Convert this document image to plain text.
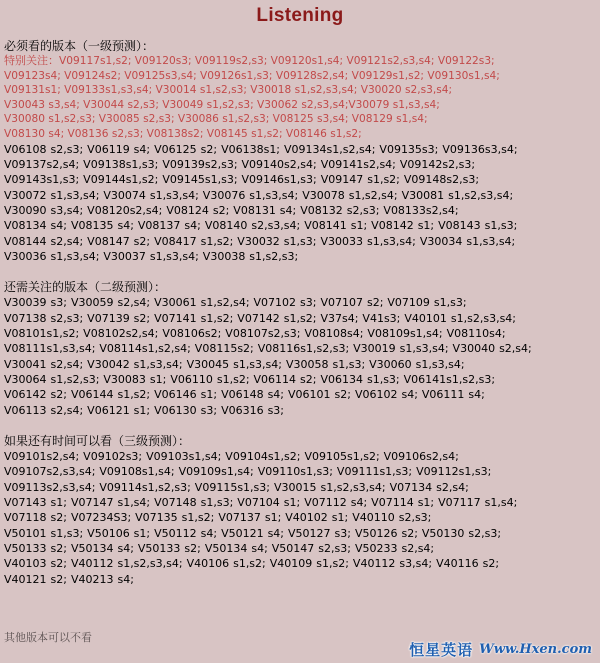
Listening

必须看的版本（一级预测）：

特别关注：V09117s1,s2; V09120s3; V09119s2,s3; V09120s1,s4; V09121s2,s3,s4; V09122s3;
V09123s4; V09124s2; V09125s3,s4; V09126s1,s3; V09128s2,s4; V09129s1,s2; V09130s1,s4;
V09131s1; V09133s1,s3,s4; V30014 s1,s2,s3; V30018 s1,s2,s3,s4; V30020 s2,s3,s4;
V30043 s3,s4; V30044 s2,s3; V30049 s1,s2,s3; V30062 s2,s3,s4;V30079 s1,s3,s4;
V30080 s1,s2,s3; V30085 s2,s3; V30086 s1,s2,s3; V08125 s3,s4; V08129 s1,s4;
V08130 s4; V08136 s2,s3; V08138s2; V08145 s1,s2; V08146 s1,s2;
V06108 s2,s3; V06119 s4; V06125 s2; V06138s1; V09134s1,s2,s4; V09135s3; V09136s3,s4;
V09137s2,s4; V09138s1,s3; V09139s2,s3; V09140s2,s4; V09141s2,s4; V09142s2,s3;
V09143s1,s3; V09144s1,s2; V09145s1,s3; V09146s1,s3; V09147 s1,s2; V09148s2,s3;
V30072 s1,s3,s4; V30074 s1,s3,s4; V30076 s1,s3,s4; V30078 s1,s2,s4; V30081 s1,s2,s3,s4;
V30090 s3,s4; V08120s2,s4; V08124 s2; V08131 s4; V08132 s2,s3; V08133s2,s4;
V08134 s4; V08135 s4; V08137 s4; V08140 s2,s3,s4; V08141 s1; V08142 s1; V08143 s1,s3;
V08144 s2,s4; V08147 s2; V08417 s1,s2; V30032 s1,s3; V30033 s1,s3,s4; V30034 s1,s3,s4;
V30036 s1,s3,s4; V30037 s1,s3,s4; V30038 s1,s2,s3;

还需关注的版本（二级预测）：

V30039 s3; V30059 s2,s4; V30061 s1,s2,s4; V07102 s3; V07107 s2; V07109 s1,s3;
V07138 s2,s3; V07139 s2; V07141 s1,s2; V07142 s1,s2; V37s4; V41s3; V40101 s1,s2,s3,s4;
V08101s1,s2; V08102s2,s4; V08106s2; V08107s2,s3; V08108s4; V08109s1,s4; V08110s4;
V08111s1,s3,s4; V08114s1,s2,s4; V08115s2; V08116s1,s2,s3; V30019 s1,s3,s4; V30040 s2,s4;
V30041 s2,s4; V30042 s1,s3,s4; V30045 s1,s3,s4; V30058 s1,s3; V30060 s1,s3,s4;
V30064 s1,s2,s3; V30083 s1; V06110 s1,s2; V06114 s2; V06134 s1,s3; V06141s1,s2,s3;
V06142 s2; V06144 s1,s2; V06146 s1; V06148 s4; V06101 s2; V06102 s4; V06111 s4;
V06113 s2,s4; V06121 s1; V06130 s3; V06316 s3;

如果还有时间可以看（三级预测）：

V09101s2,s4; V09102s3; V09103s1,s4; V09104s1,s2; V09105s1,s2; V09106s2,s4;
V09107s2,s3,s4; V09108s1,s4; V09109s1,s4; V09110s1,s3; V09111s1,s3; V09112s1,s3;
V09113s2,s3,s4; V09114s1,s2,s3; V09115s1,s3; V30015 s1,s2,s3,s4; V07134 s2,s4;
V07143 s1; V07147 s1,s4; V07148 s1,s3; V07104 s1; V07112 s4; V07114 s1; V07117 s1,s4;
V07118 s2; V07234S3; V07135 s1,s2; V07137 s1; V40102 s1; V40110 s2,s3;
V50101 s1,s3; V50106 s1; V50112 s4; V50121 s4; V50127 s3; V50126 s2; V50130 s2,s3;
V50133 s2; V50134 s4; V50133 s2; V50134 s4; V50147 s2,s3; V50233 s2,s4;
V40103 s2; V40112 s1,s2,s3,s4; V40106 s1,s2; V40109 s1,s2; V40112 s3,s4; V40116 s2;
V40121 s2; V40213 s4;
其他版本可以不看
恒星英语 Www.Hxen.com
